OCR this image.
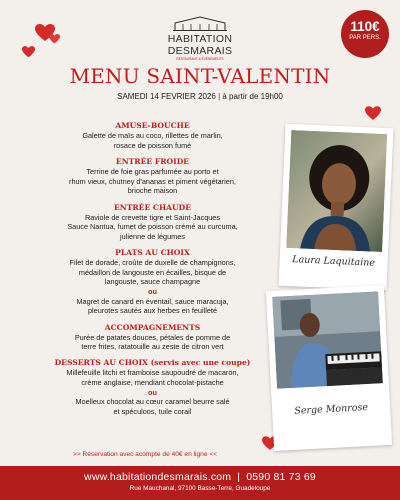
HABITATION DESMARAIS
RESTAURANT & ÉVÉNEMENTS
110€
PAR PERS.
MENU SAINT-VALENTIN
SAMEDI 14 FEVRIER 2026 | à partir de 19h00
AMUSE-BOUCHE
Galette de maïs au coco, rillettes de marlin,
rosace de poisson fumé
ENTRÉE FROIDE
Terrine de foie gras parfumée au porto et
rhum vieux, chutney d'ananas et piment végétarien,
brioche maison
ENTRÉE CHAUDE
Raviole de crevette tigre et Saint-Jacques
Sauce Nantua, fumet de poisson crémé au curcuma,
julienne de légumes
PLATS AU CHOIX
Filet de dorade, croûte de duxelle de champignons,
médaillon de langouste en écailles, bisque de
langouste, sauce champagne
ou
Magret de canard en éventail, sauce maracuja,
pleurotes sautés aux herbes en feuilleté
ACCOMPAGNEMENTS
Purée de patates douces, pétales de pomme de
terre frites, ratatouille au zeste de citron vert
DESSERTS AU CHOIX (servis avec une coupe)
Millefeuille litchi et framboise saupoudré de macaron,
crème anglaise, mendiant chocolat-pistache
ou
Moelleux chocolat au cœur caramel beurre salé
et spéculoos, tuile corail
>> Réservation avec acompte de 40€ en ligne <<
Laura Laquitaine
Serge Monrose
www.habitationdesmarais.com | 0590 81 73 69
Rue Mauchanal, 97100 Basse-Terre, Guadeloupe
